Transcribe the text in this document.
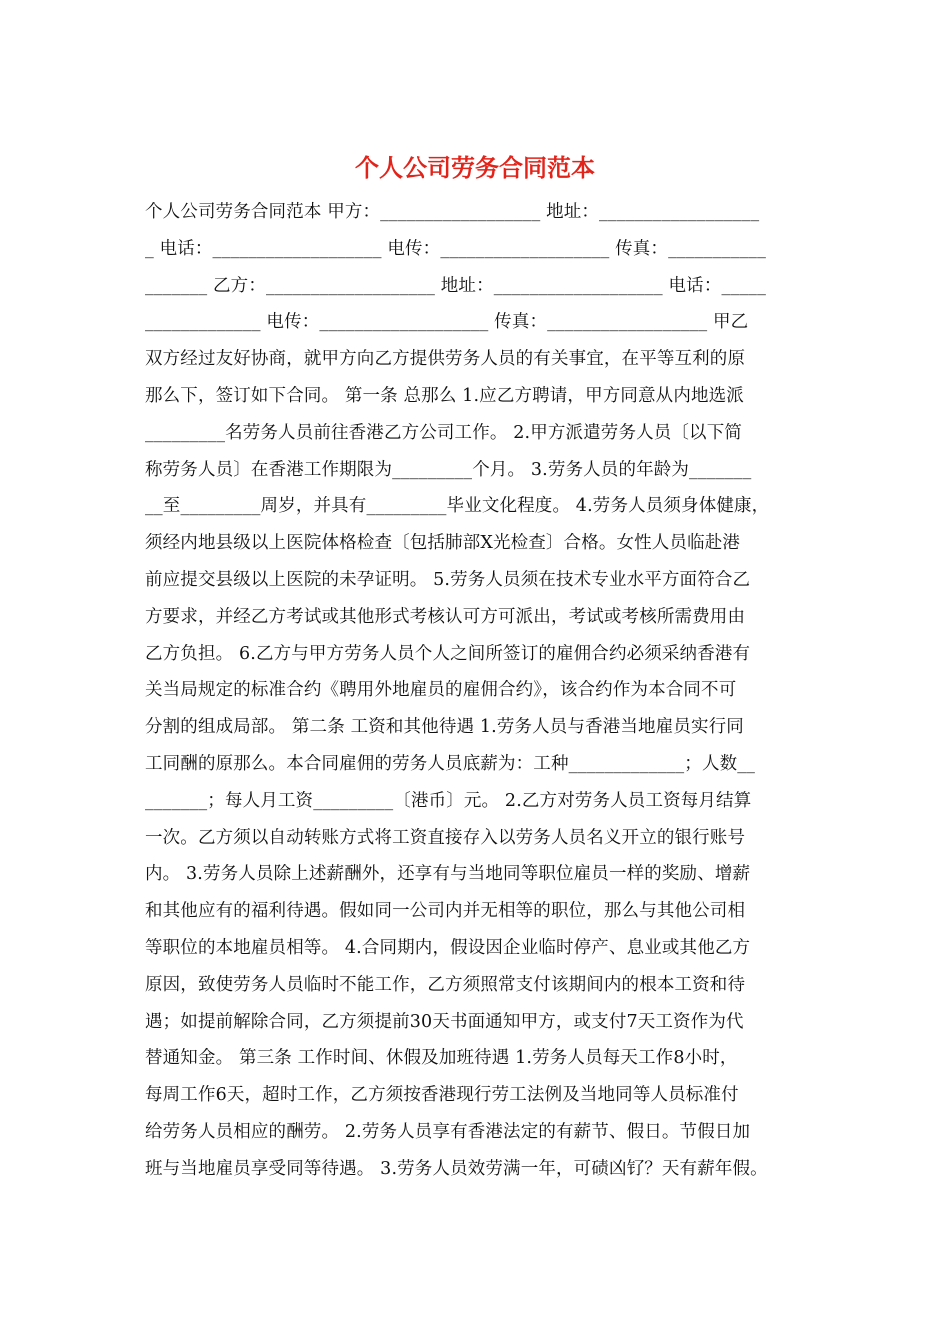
个人公司劳务合同范本
个人公司劳务合同范本 甲方：__________________ 地址：__________________
_ 电话：___________________ 电传：___________________ 传真：___________
_______ 乙方：___________________ 地址：___________________ 电话：_____
_____________ 电传：___________________ 传真：__________________ 甲乙
双方经过友好协商，就甲方向乙方提供劳务人员的有关事宜，在平等互利的原
那么下，签订如下合同。 第一条 总那么 1.应乙方聘请，甲方同意从内地选派
_________名劳务人员前往香港乙方公司工作。 2.甲方派遣劳务人员〔以下简
称劳务人员〕在香港工作期限为_________个月。 3.劳务人员的年龄为_______
__至_________周岁，并具有_________毕业文化程度。 4.劳务人员须身体健康，
须经内地县级以上医院体格检查〔包括肺部X光检查〕合格。女性人员临赴港
前应提交县级以上医院的未孕证明。 5.劳务人员须在技术专业水平方面符合乙
方要求，并经乙方考试或其他形式考核认可方可派出，考试或考核所需费用由
乙方负担。 6.乙方与甲方劳务人员个人之间所签订的雇佣合约必须采纳香港有
关当局规定的标准合约《聘用外地雇员的雇佣合约》，该合约作为本合同不可
分割的组成局部。 第二条 工资和其他待遇 1.劳务人员与香港当地雇员实行同
工同酬的原那么。本合同雇佣的劳务人员底薪为：工种_____________；人数__
_______；每人月工资_________〔港币〕元。 2.乙方对劳务人员工资每月结算
一次。乙方须以自动转账方式将工资直接存入以劳务人员名义开立的银行账号
内。 3.劳务人员除上述薪酬外，还享有与当地同等职位雇员一样的奖励、增薪
和其他应有的福利待遇。假如同一公司内并无相等的职位，那么与其他公司相
等职位的本地雇员相等。 4.合同期内，假设因企业临时停产、息业或其他乙方
原因，致使劳务人员临时不能工作，乙方须照常支付该期间内的根本工资和待
遇；如提前解除合同，乙方须提前30天书面通知甲方，或支付7天工资作为代
替通知金。 第三条 工作时间、休假及加班待遇 1.劳务人员每天工作8小时，
每周工作6天，超时工作，乙方须按香港现行劳工法例及当地同等人员标准付
给劳务人员相应的酬劳。 2.劳务人员享有香港法定的有薪节、假日。节假日加
班与当地雇员享受同等待遇。 3.劳务人员效劳满一年，可碛凶钌？天有薪年假。
